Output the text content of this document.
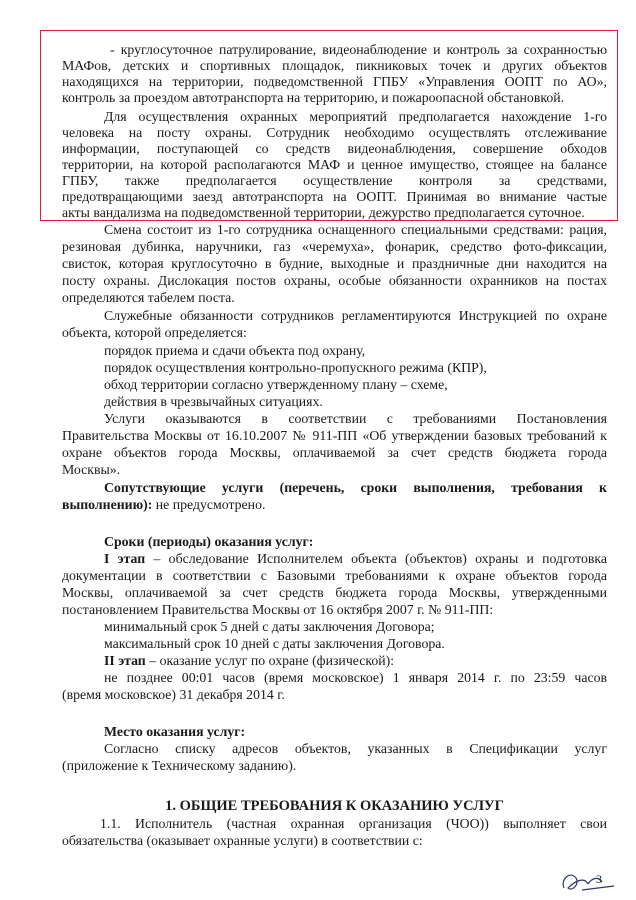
- круглосуточное патрулирование, видеонаблюдение и контроль за сохранностью

МАФов, детских и спортивных площадок, пикниковых точек и других объектов

находящихся на территории, подведомственной ГПБУ «Управления ООПТ по АО»,

контроль за проездом автотранспорта на территорию, и пожароопасной обстановкой.

Для осуществления охранных мероприятий предполагается нахождение 1-го

человека на посту охраны. Сотрудник необходимо осуществлять отслеживание

информации, поступающей со средств видеонаблюдения, совершение обходов

территории, на которой располагаются МАФ и ценное имущество, стоящее на балансе

ГПБУ, также предполагается осуществление контроля за средствами,

предотвращающими заезд автотранспорта на ООПТ. Принимая во внимание частые

акты вандализма на подведомственной территории, дежурство предполагается суточное.

Смена состоит из 1-го сотрудника оснащенного специальными средствами: рация,

резиновая дубинка, наручники, газ «черемуха», фонарик, средство фото-фиксации,

свисток, которая круглосуточно в будние, выходные и праздничные дни находится на

посту охраны. Дислокация постов охраны, особые обязанности охранников на постах

определяются табелем поста.

Служебные обязанности сотрудников регламентируются Инструкцией по охране

объекта, которой определяется:

порядок приема и сдачи объекта под охрану,

порядок осуществления контрольно-пропускного режима (КПР),

обход территории согласно утвержденному плану – схеме,

действия в чрезвычайных ситуациях.

Услуги оказываются в соответствии с требованиями Постановления

Правительства Москвы от 16.10.2007 № 911-ПП «Об утверждении базовых требований к

охране объектов города Москвы, оплачиваемой за счет средств бюджета города

Москвы».

Сопутствующие услуги (перечень, сроки выполнения, требования к

выполнению): не предусмотрено.

Сроки (периоды) оказания услуг:

I этап – обследование Исполнителем объекта (объектов) охраны и подготовка

документации в соответствии с Базовыми требованиями к охране объектов города

Москвы, оплачиваемой за счет средств бюджета города Москвы, утвержденными

постановлением Правительства Москвы от 16 октября 2007 г. № 911-ПП:

минимальный срок 5 дней с даты заключения Договора;

максимальный срок 10 дней с даты заключения Договора.

II этап – оказание услуг по охране (физической):

не позднее 00:01 часов (время московское) 1 января 2014 г. по 23:59 часов

(время московское) 31 декабря 2014 г.

Место оказания услуг:

Согласно списку адресов объектов, указанных в Спецификации услуг

(приложение к Техническому заданию).

1. ОБЩИЕ ТРЕБОВАНИЯ К ОКАЗАНИЮ УСЛУГ

1.1. Исполнитель (частная охранная организация (ЧОО)) выполняет свои

обязательства (оказывает охранные услуги) в соответствии с:

3
